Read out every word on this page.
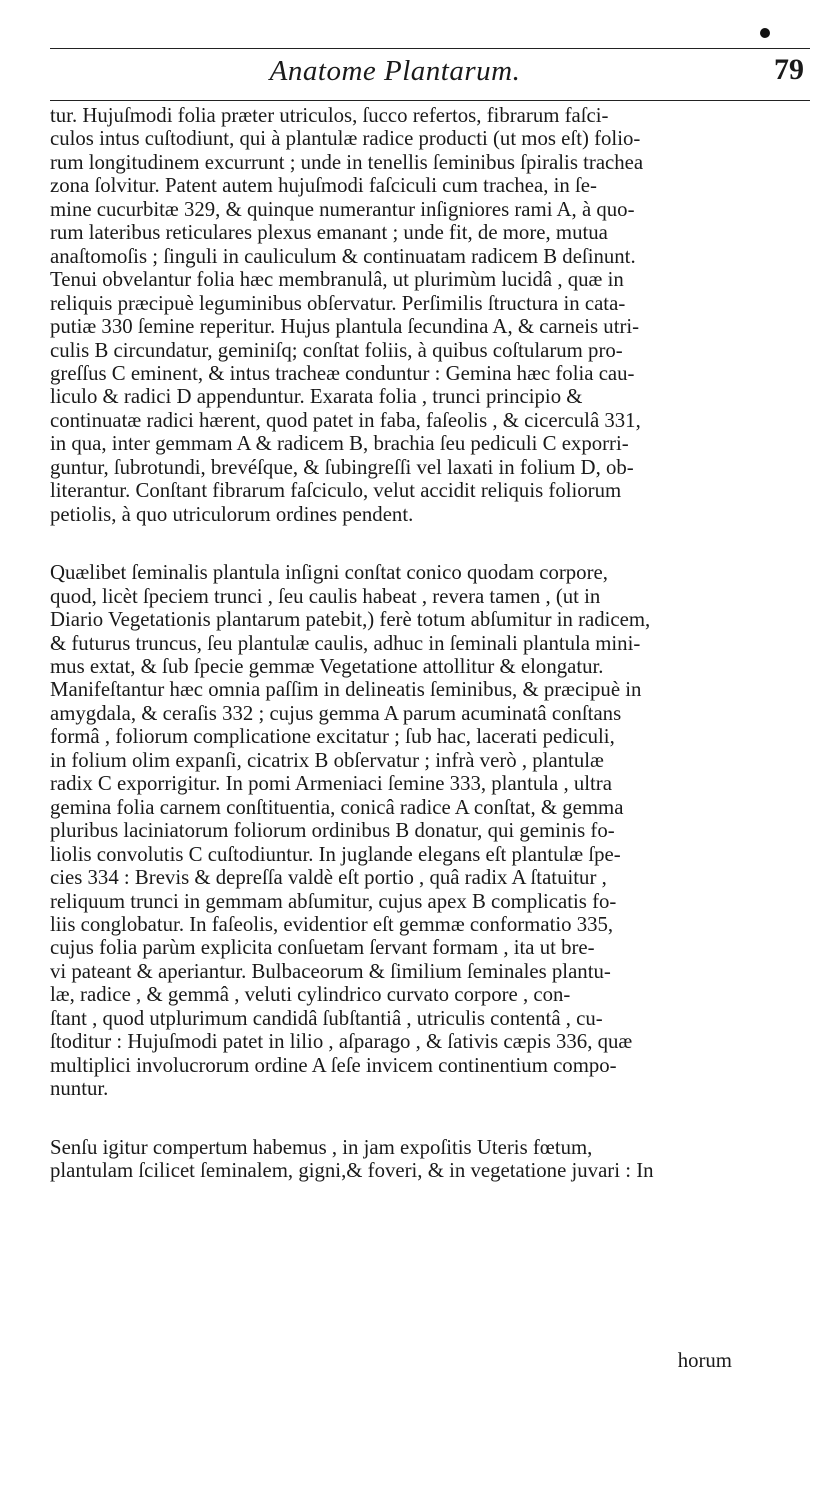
Anatome Plantarum.	79

tur. Hujuſmodi folia præter utriculos, ſucco refertos, fibrarum faſci-
culos intus cuſtodiunt, qui à plantulæ radice producti (ut mos eſt) folio-
rum longitudinem excurrunt ; unde in tenellis ſeminibus ſpiralis trachea
zona ſolvitur. Patent autem hujuſmodi faſciculi cum trachea, in ſe-
mine cucurbitæ 329, & quinque numerantur inſigniores rami A, à quo-
rum lateribus reticulares plexus emanant ; unde fit, de more, mutua
anaſtomoſis ; ſinguli in cauliculum & continuatam radicem B deſinunt.
Tenui obvelantur folia hæc membranulâ, ut plurimùm lucidâ , quæ in
reliquis præcipuè leguminibus obſervatur. Perſimilis ſtructura in cata-
putiæ 330 ſemine reperitur. Hujus plantula ſecundina A, & carneis utri-
culis B circundatur, geminiſq; conſtat foliis, à quibus coſtularum pro-
greſſus C eminent, & intus tracheæ conduntur : Gemina hæc folia cau-
liculo & radici D appenduntur. Exarata folia , trunci principio &
continuatæ radici hærent, quod patet in faba, faſeolis , & cicerculâ 331,
in qua, inter gemmam A & radicem B, brachia ſeu pediculi C exporri-
guntur, ſubrotundi, brevéſque, & ſubingreſſi vel laxati in folium D, ob-
literantur. Conſtant fibrarum faſciculo, velut accidit reliquis foliorum
petiolis, à quo utriculorum ordines pendent.

Quælibet ſeminalis plantula inſigni conſtat conico quodam corpore,
quod, licèt ſpeciem trunci , ſeu caulis habeat , revera tamen , (ut in
Diario Vegetationis plantarum patebit,) ferè totum abſumitur in radicem,
& futurus truncus, ſeu plantulæ caulis, adhuc in ſeminali plantula mini-
mus extat, & ſub ſpecie gemmæ Vegetatione attollitur & elongatur.
Manifeſtantur hæc omnia paſſim in delineatis ſeminibus, & præcipuè in
amygdala, & ceraſis 332 ; cujus gemma A parum acuminatâ conſtans
formâ , foliorum complicatione excitatur ; ſub hac, lacerati pediculi,
in folium olim expanſi, cicatrix B obſervatur ; infrà verò , plantulæ
radix C exporrigitur. In pomi Armeniaci ſemine 333, plantula , ultra
gemina folia carnem conſtituentia, conicâ radice A conſtat, & gemma
pluribus laciniatorum foliorum ordinibus B donatur, qui geminis fo-
liolis convolutis C cuſtodiuntur. In juglande elegans eſt plantulæ ſpe-
cies 334 : Brevis & depreſſa valdè eſt portio , quâ radix A ſtatuitur ,
reliquum trunci in gemmam abſumitur, cujus apex B complicatis fo-
liis conglobatur. In faſeolis, evidentior eſt gemmæ conformatio 335,
cujus folia parùm explicita conſuetam ſervant formam , ita ut bre-
vi pateant & aperiantur. Bulbaceorum & ſimilium ſeminales plantu-
læ, radice , & gemmâ , veluti cylindrico curvato corpore , con-
ſtant , quod utplurimum candidâ ſubſtantiâ , utriculis contentâ , cu-
ſtoditur : Hujuſmodi patet in lilio , aſparago , & ſativis cæpis 336, quæ
multiplici involucrorum ordine A ſeſe invicem continentium compo-
nuntur.

Senſu igitur compertum habemus , in jam expoſitis Uteris fœtum,
plantulam ſcilicet ſeminalem, gigni,& foveri, & in vegetatione juvari : In

horum
